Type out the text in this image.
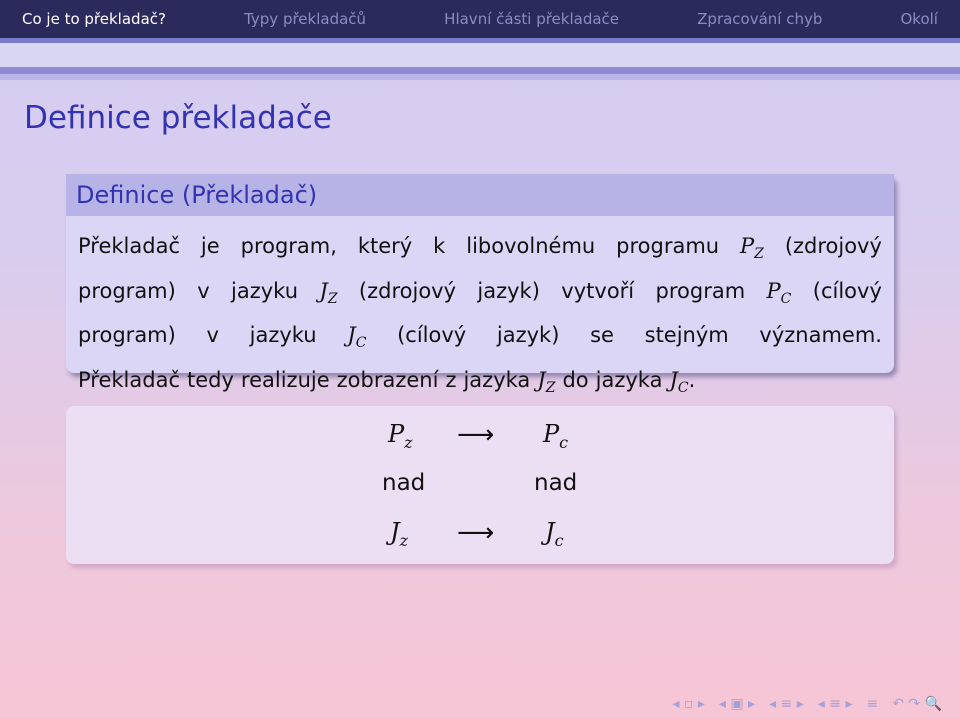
Co je to překladač?	Typy překladačů	Hlavní části překladače	Zpracování chyb	Okolí
Definice překladače
Definice (Překladač)
Překladač je program, který k libovolnému programu $P_Z$ (zdrojový
program) v jazyku $J_Z$ (zdrojový jazyk) vytvoří program $P_C$ (cílový
program) v jazyku $J_C$ (cílový jazyk) se stejným významem.
Překladač tedy realizuje zobrazení z jazyka $J_Z$ do jazyka $J_C$.
$P_z$ ⟶ $P_c$
nad	nad
$J_z$ ⟶ $J_c$
◂ ▫ ▸ ◂ ▣ ▸ ◂ ≡ ▸ ◂ ≡ ▸ ≡ ↶ ↷ 🔍
